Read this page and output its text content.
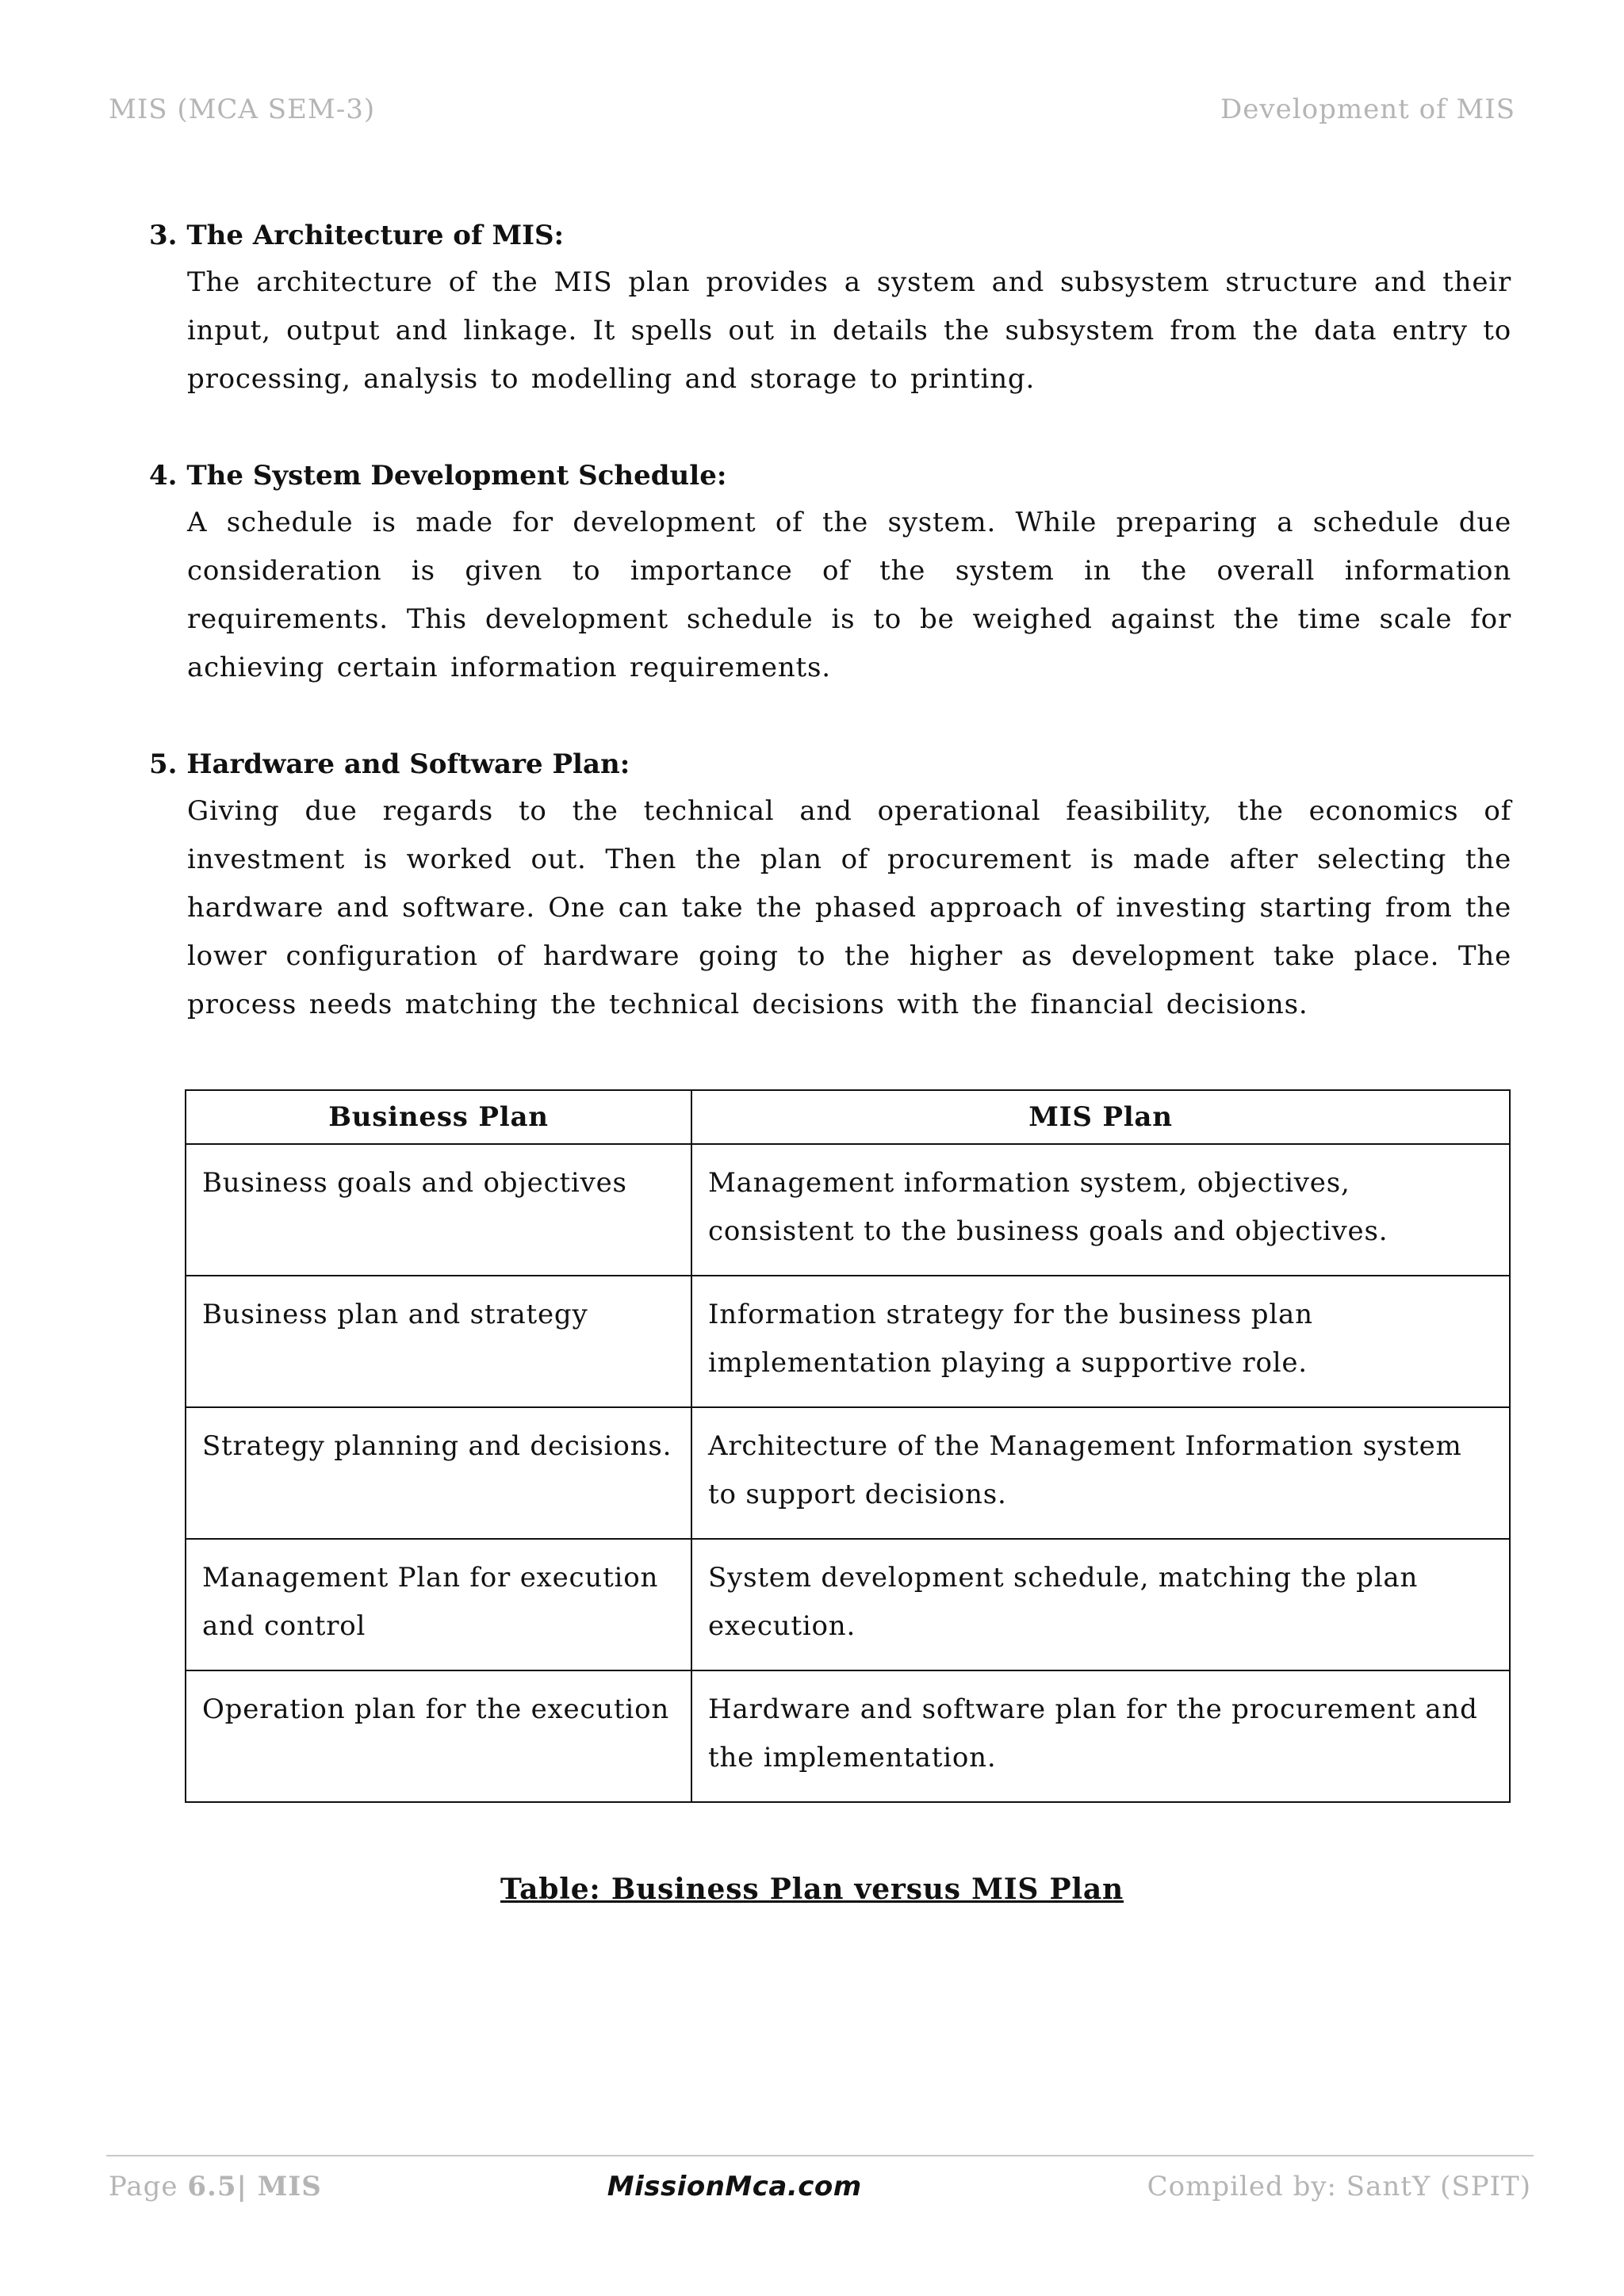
MIS (MCA SEM-3)	Development of MIS

3. The Architecture of MIS:

The architecture of the MIS plan provides a system and subsystem structure and their input, output and linkage. It spells out in details the subsystem from the data entry to processing, analysis to modelling and storage to printing.

4. The System Development Schedule:

A schedule is made for development of the system. While preparing a schedule due consideration is given to importance of the system in the overall information requirements. This development schedule is to be weighed against the time scale for achieving certain information requirements.

5. Hardware and Software Plan:

Giving due regards to the technical and operational feasibility, the economics of investment is worked out. Then the plan of procurement is made after selecting the hardware and software. One can take the phased approach of investing starting from the lower configuration of hardware going to the higher as development take place. The process needs matching the technical decisions with the financial decisions.

Business Plan	MIS Plan
Business goals and objectives	Management information system, objectives, consistent to the business goals and objectives.
Business plan and strategy	Information strategy for the business plan implementation playing a supportive role.
Strategy planning and decisions.	Architecture of the Management Information system to support decisions.
Management Plan for execution and control	System development schedule, matching the plan execution.
Operation plan for the execution	Hardware and software plan for the procurement and the implementation.
Table: Business Plan versus MIS Plan
Page 6.5| MIS	MissionMca.com	Compiled by: SantY (SPIT)
